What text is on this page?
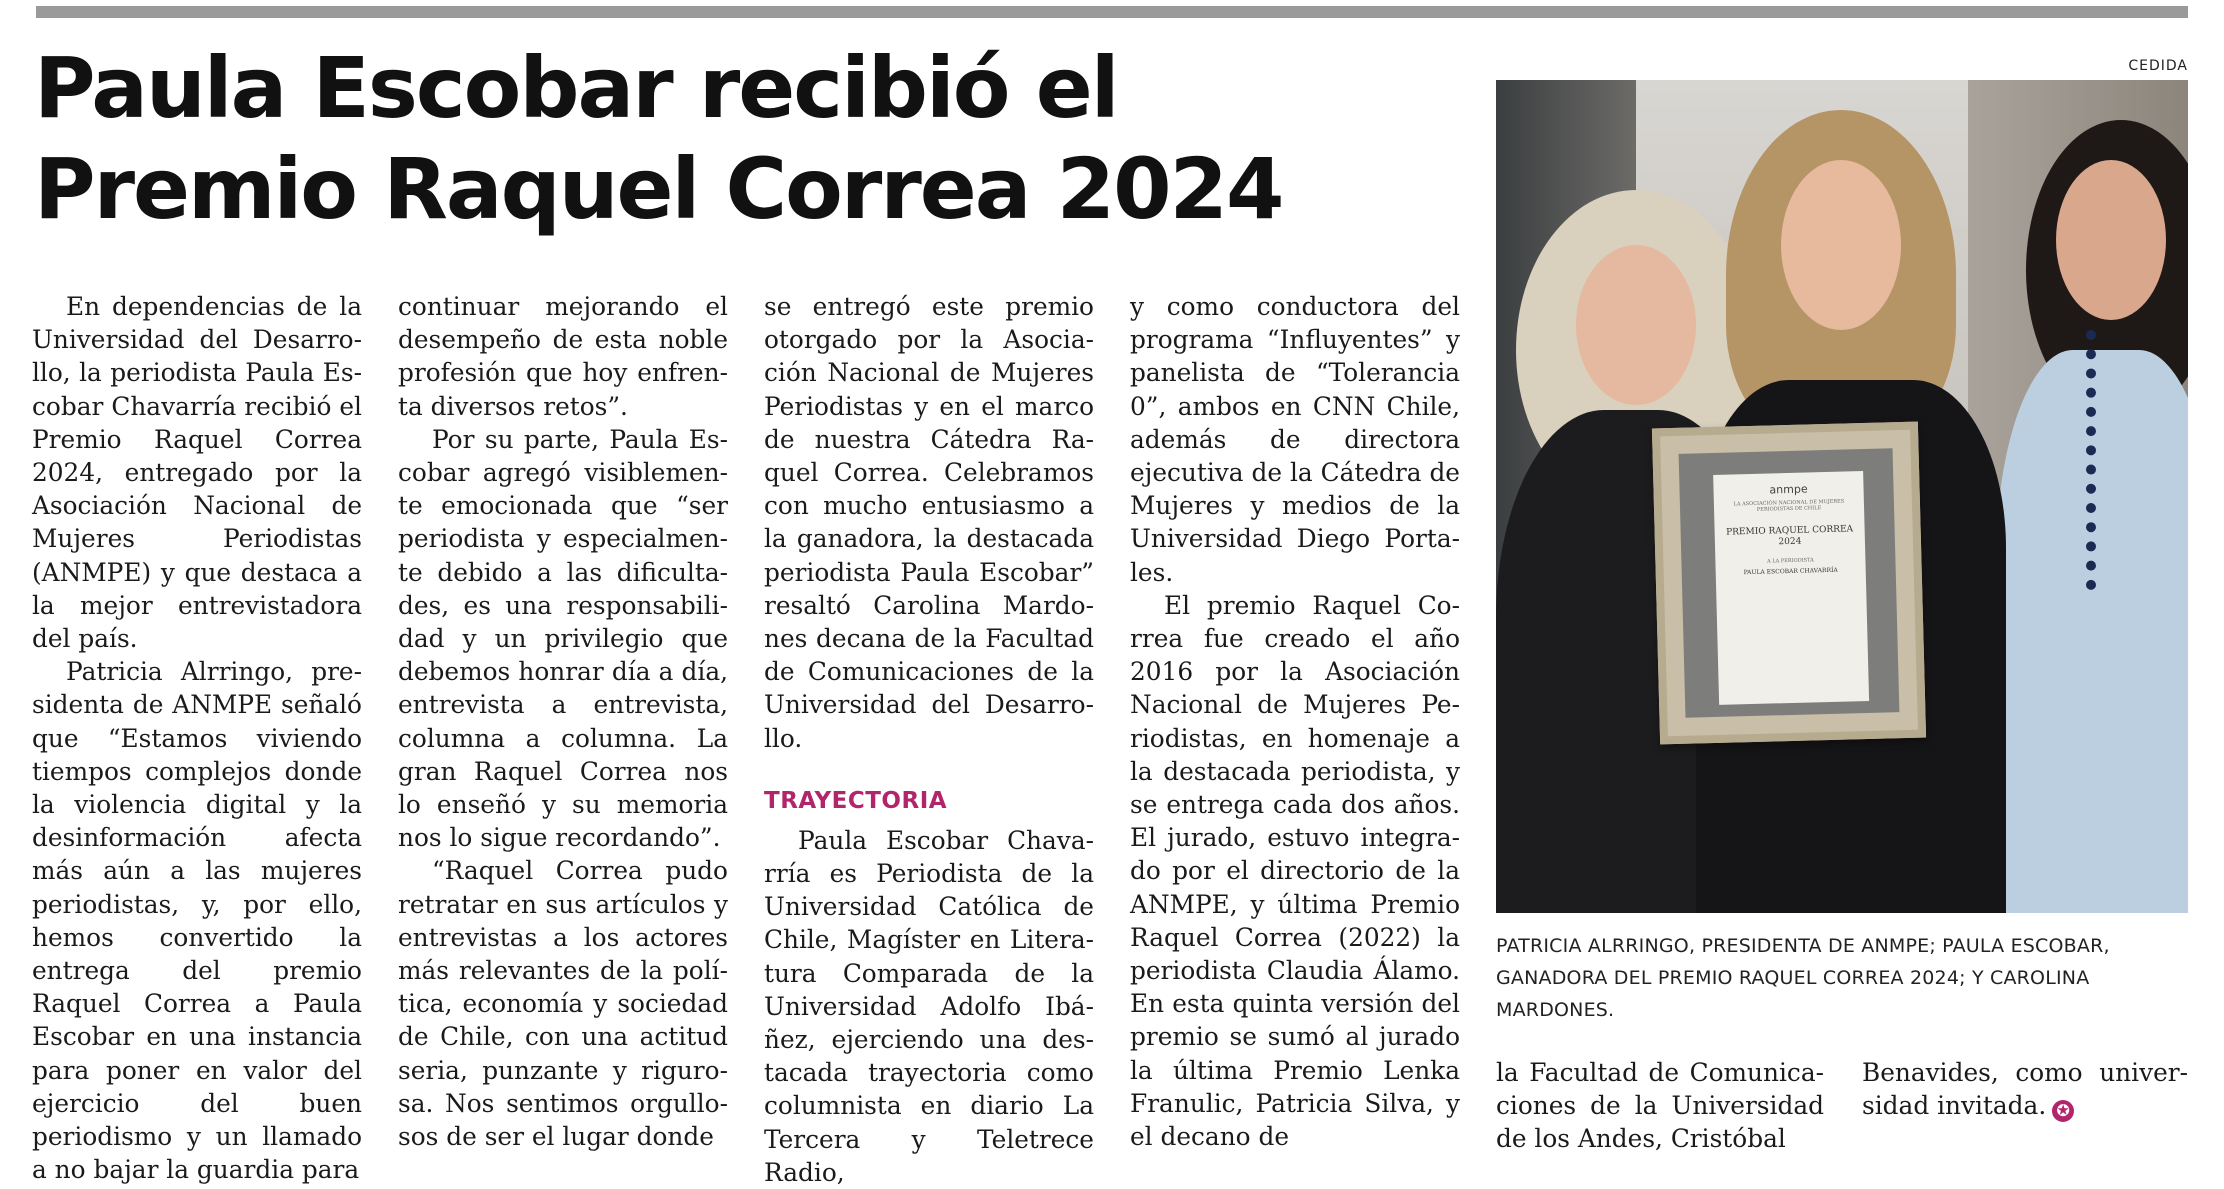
Paula Escobar recibió el Premio Raquel Correa 2024

En dependencias de la Universidad del Desarrollo, la periodista Paula Escobar Chavarría recibió el Premio Raquel Correa 2024, entregado por la Asociación Nacional de Mujeres Periodistas (ANMPE) y que destaca a la mejor entrevistadora del país.

Patricia Alrringo, presidenta de ANMPE señaló que “Estamos viviendo tiempos complejos donde la violencia digital y la desinformación afecta más aún a las mujeres periodistas, y, por ello, hemos convertido la entrega del premio Raquel Correa a Paula Escobar en una instancia para poner en valor del ejercicio del buen periodismo y un llamado a no bajar la guardia para

continuar mejorando el desempeño de esta noble profesión que hoy enfrenta diversos retos”.

Por su parte, Paula Escobar agregó visiblemente emocionada que “ser periodista y especialmente debido a las dificultades, es una responsabilidad y un privilegio que debemos honrar día a día, entrevista a entrevista, columna a columna. La gran Raquel Correa nos lo enseñó y su memoria nos lo sigue recordando”.

“Raquel Correa pudo retratar en sus artículos y entrevistas a los actores más relevantes de la política, economía y sociedad de Chile, con una actitud seria, punzante y rigurosa. Nos sentimos orgullosos de ser el lugar donde

se entregó este premio otorgado por la Asociación Nacional de Mujeres Periodistas y en el marco de nuestra Cátedra Raquel Correa. Celebramos con mucho entusiasmo a la ganadora, la destacada periodista Paula Escobar” resaltó Carolina Mardones decana de la Facultad de Comunicaciones de la Universidad del Desarrollo.

TRAYECTORIA

Paula Escobar Chavarría es Periodista de la Universidad Católica de Chile, Magíster en Literatura Comparada de la Universidad Adolfo Ibáñez, ejerciendo una destacada trayectoria como columnista en diario La Tercera y Teletrece Radio,

y como conductora del programa “Influyentes” y panelista de “Tolerancia 0”, ambos en CNN Chile, además de directora ejecutiva de la Cátedra de Mujeres y medios de la Universidad Diego Portales.

El premio Raquel Correa fue creado el año 2016 por la Asociación Nacional de Mujeres Periodistas, en homenaje a la destacada periodista, y se entrega cada dos años. El jurado, estuvo integrado por el directorio de la ANMPE, y última Premio Raquel Correa (2022) la periodista Claudia Álamo. En esta quinta versión del premio se sumó al jurado la última Premio Lenka Franulic, Patricia Silva, y el decano de

CEDIDA
anmpe
LA ASOCIACIÓN NACIONAL DE MUJERES PERIODISTAS DE CHILE
PREMIO RAQUEL CORREA 2024
A LA PERIODISTA
PAULA ESCOBAR CHAVARRÍA

PATRICIA ALRRINGO, PRESIDENTA DE ANMPE; PAULA ESCOBAR, GANADORA DEL PREMIO RAQUEL CORREA 2024; Y CAROLINA MARDONES.

la Facultad de Comunicaciones de la Universidad de los Andes, Cristóbal

Benavides, como universidad invitada. ✪
